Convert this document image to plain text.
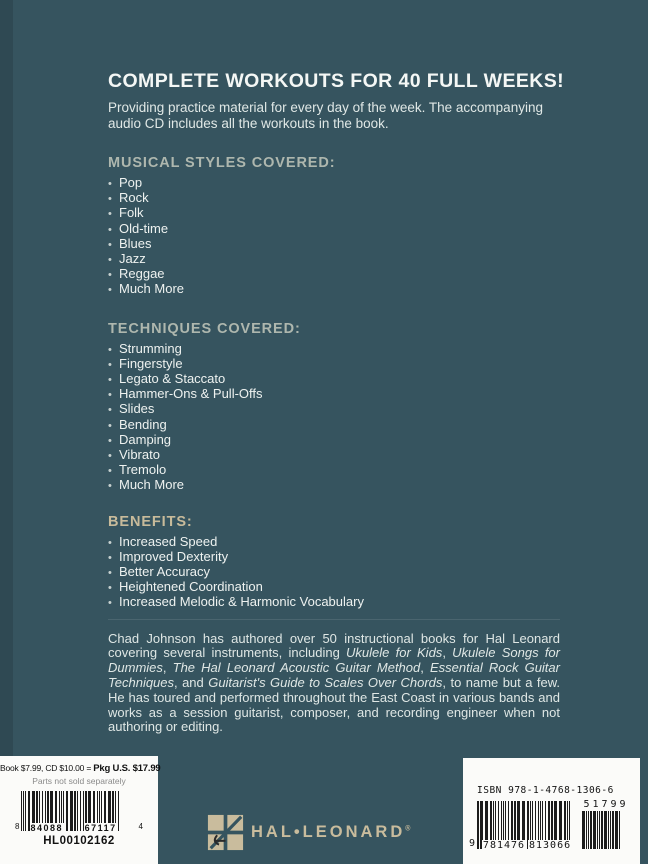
COMPLETE WORKOUTS FOR 40 FULL WEEKS!

Providing practice material for every day of the week. The accompanying audio CD includes all the workouts in the book.

MUSICAL STYLES COVERED:
• Pop
• Rock
• Folk
• Old-time
• Blues
• Jazz
• Reggae
• Much More
TECHNIQUES COVERED:
• Strumming
• Fingerstyle
• Legato & Staccato
• Hammer-Ons & Pull-Offs
• Slides
• Bending
• Damping
• Vibrato
• Tremolo
• Much More
BENEFITS:
• Increased Speed
• Improved Dexterity
• Better Accuracy
• Heightened Coordination
• Increased Melodic & Harmonic Vocabulary

Chad Johnson has authored over 50 instructional books for Hal Leonard covering several instruments, including Ukulele for Kids, Ukulele Songs for Dummies, The Hal Leonard Acoustic Guitar Method, Essential Rock Guitar Techniques, and Guitarist's Guide to Scales Over Chords, to name but a few. He has toured and performed throughout the East Coast in various bands and works as a session guitarist, composer, and recording engineer when not authoring or editing.

Book $7.99, CD $10.00 = Pkg U.S. $17.99
Parts not sold separately
8 84088 67117	4
HL00102162
HAL•LEONARD®
ISBN 978-1-4768-1306-6
9 781476 813066
51799
